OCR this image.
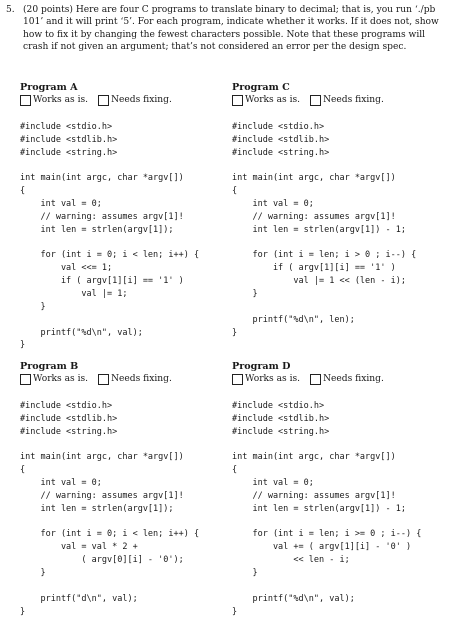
5. (20 points) Here are four C programs to translate binary to decimal; that is, you run ‘./pb 101’ and it will print ‘5’. For each program, indicate whether it works. If it does not, show how to fix it by changing the fewest characters possible. Note that these programs will crash if not given an argument; that’s not considered an error per the design spec.
Program A
Works as is.	Needs fixing.
#include <stdio.h>
#include <stdlib.h>
#include <string.h>

int main(int argc, char *argv[])
{
int val = 0;
// warning: assumes argv[1]!
int len = strlen(argv[1]);

for (int i = 0; i < len; i++) {
val <<= 1;
if ( argv[1][i] == '1' )
val |= 1;
}

printf("%d\n", val);
}
Program C
Works as is.	Needs fixing.
#include <stdio.h>
#include <stdlib.h>
#include <string.h>

int main(int argc, char *argv[])
{
int val = 0;
// warning: assumes argv[1]!
int len = strlen(argv[1]) - 1;

for (int i = len; i > 0 ; i--) {
if ( argv[1][i] == '1' )
val |= 1 << (len - i);
}

printf("%d\n", len);
}
Program B
Works as is.	Needs fixing.
#include <stdio.h>
#include <stdlib.h>
#include <string.h>

int main(int argc, char *argv[])
{
int val = 0;
// warning: assumes argv[1]!
int len = strlen(argv[1]);

for (int i = 0; i < len; i++) {
val = val * 2 +
( argv[0][i] - '0');
}

printf("d\n", val);
}
Program D
Works as is.	Needs fixing.
#include <stdio.h>
#include <stdlib.h>
#include <string.h>

int main(int argc, char *argv[])
{
int val = 0;
// warning: assumes argv[1]!
int len = strlen(argv[1]) - 1;

for (int i = len; i >= 0 ; i--) {
val += ( argv[1][i] - '0' )
<< len - i;
}

printf("%d\n", val);
}
